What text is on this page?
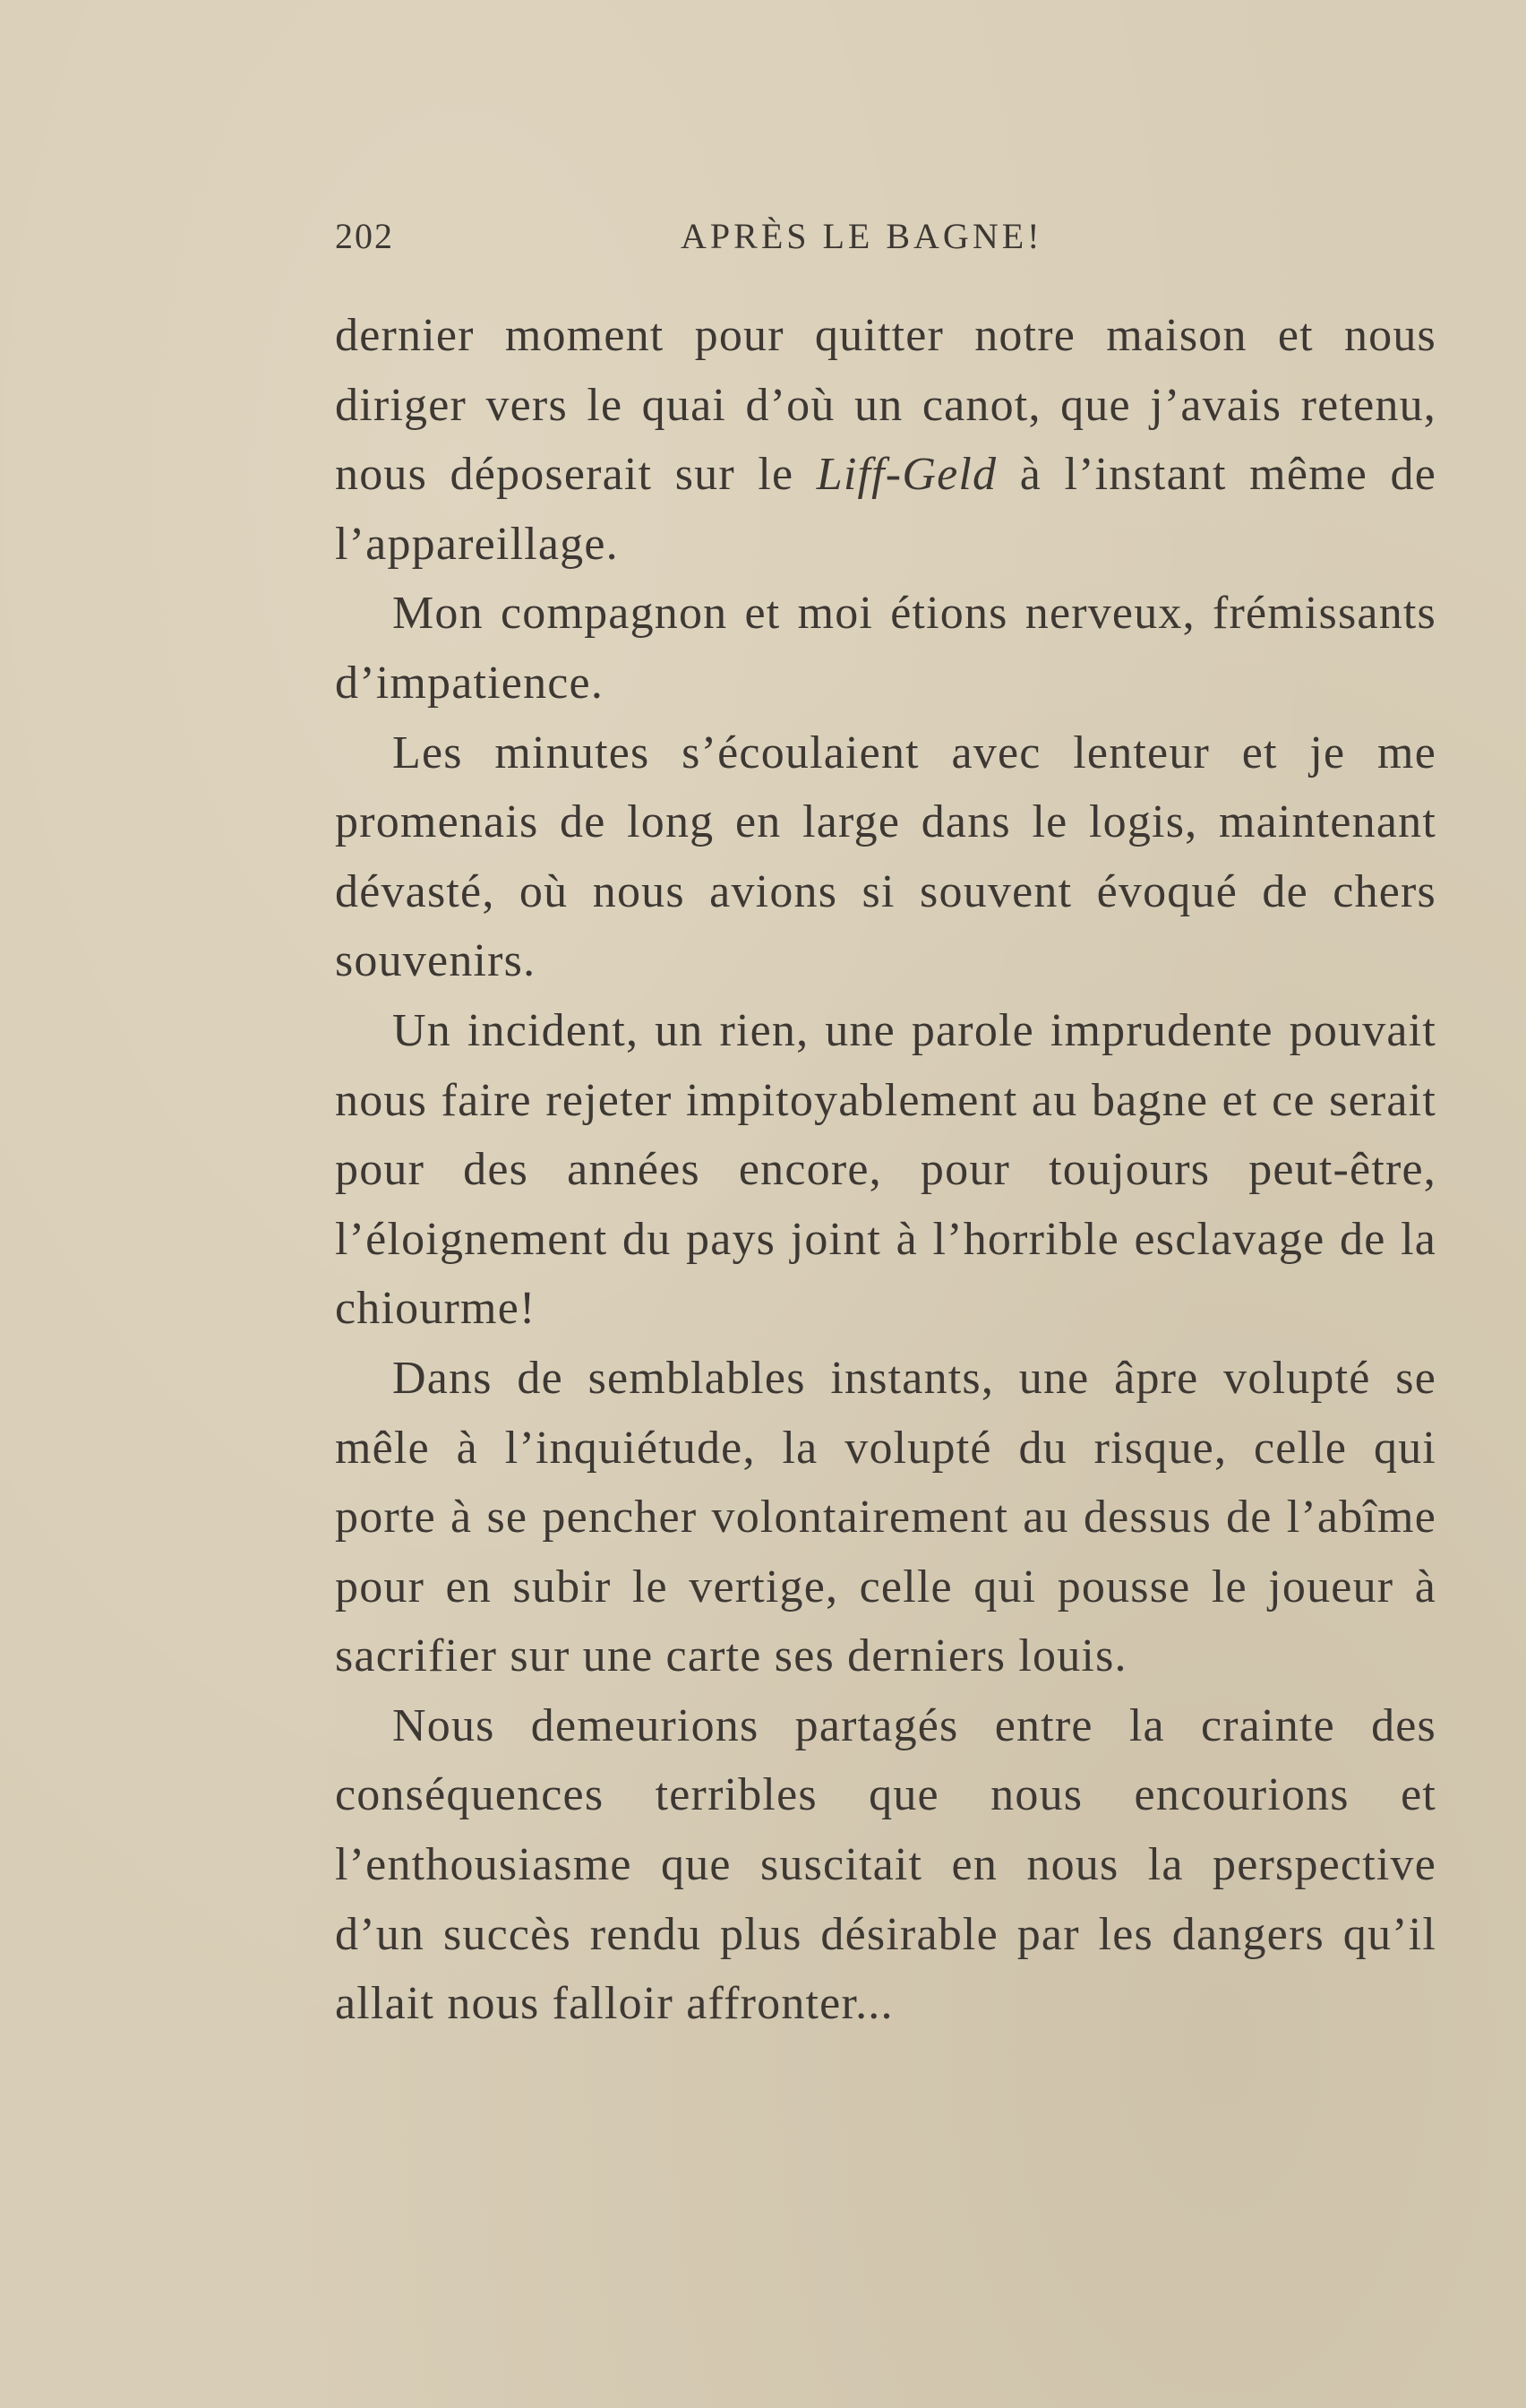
202	APRÈS LE BAGNE!

dernier moment pour quitter notre maison et nous diriger vers le quai d’où un canot, que j’avais retenu, nous déposerait sur le Liff-Geld à l’instant même de l’appareillage.

Mon compagnon et moi étions nerveux, frémissants d’impatience.

Les minutes s’écoulaient avec lenteur et je me promenais de long en large dans le logis, maintenant dévasté, où nous avions si souvent évoqué de chers souvenirs.

Un incident, un rien, une parole imprudente pouvait nous faire rejeter impitoyablement au bagne et ce serait pour des années encore, pour toujours peut-être, l’éloignement du pays joint à l’horrible esclavage de la chiourme!

Dans de semblables instants, une âpre volupté se mêle à l’inquiétude, la volupté du risque, celle qui porte à se pencher volontairement au dessus de l’abîme pour en subir le vertige, celle qui pousse le joueur à sacrifier sur une carte ses derniers louis.

Nous demeurions partagés entre la crainte des conséquences terribles que nous encourions et l’enthousiasme que suscitait en nous la perspective d’un succès rendu plus désirable par les dangers qu’il allait nous falloir affronter...
